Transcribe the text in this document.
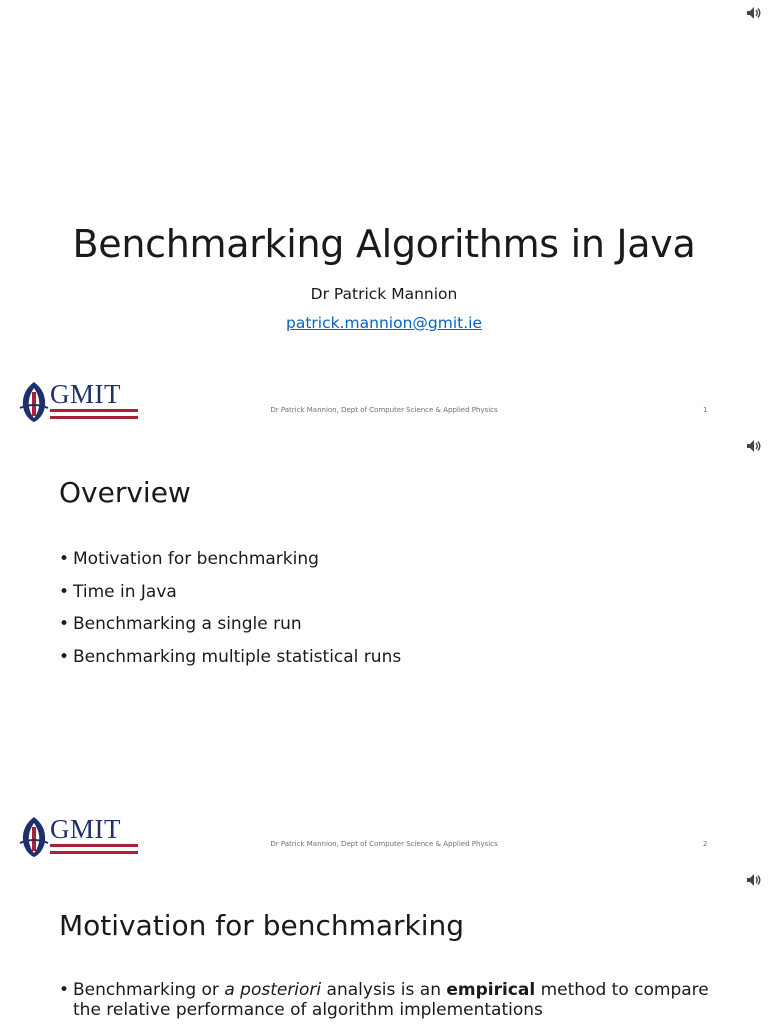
Benchmarking Algorithms in Java
Dr Patrick Mannion
patrick.mannion@gmit.ie
GMIT
Dr Patrick Mannion, Dept of Computer Science & Applied Physics	1
Overview
• Motivation for benchmarking
• Time in Java
• Benchmarking a single run
• Benchmarking multiple statistical runs
GMIT	Dr Patrick Mannion, Dept of Computer Science & Applied Physics	2
Motivation for benchmarking
• Benchmarking or a posteriori analysis is an empirical method to compare the relative performance of algorithm implementations
